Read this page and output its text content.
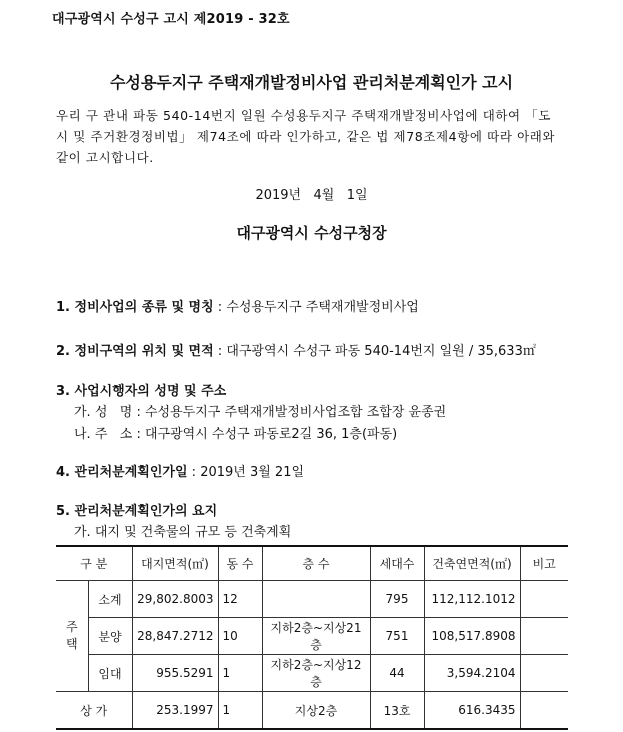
대구광역시 수성구 고시 제2019 - 32호
수성용두지구 주택재개발정비사업 관리처분계획인가 고시
우리 구 관내 파동 540-14번지 일원 수성용두지구 주택재개발정비사업에 대하여 「도
시 및 주거환경정비법」 제74조에 따라 인가하고, 같은 법 제78조제4항에 따라 아래와
같이 고시합니다.
2019년   4월   1일
대구광역시 수성구청장
1. 정비사업의 종류 및 명칭 : 수성용두지구 주택재개발정비사업
2. 정비구역의 위치 및 면적 : 대구광역시 수성구 파동 540-14번지 일원 / 35,633㎡
3. 사업시행자의 성명 및 주소
가. 성   명 : 수성용두지구 주택재개발정비사업조합 조합장 윤종권
나. 주   소 : 대구광역시 수성구 파동로2길 36, 1층(파동)
4. 관리처분계획인가일 : 2019년 3월 21일
5. 관리처분계획인가의 요지
가. 대지 및 건축물의 규모 등 건축계획
구 분		대지면적(㎡)	동 수	층 수	세대수	건축연면적(㎡)	비고
주
택	소계	29,802.8003	12		795	112,112.1012	
	분양	28,847.2712	10	지하2층~지상21층	751	108,517.8908	
	임대	955.5291	1	지하2층~지상12층	44	3,594.2104	
상 가		253.1997	1	지상2층	13호	616.3435	
